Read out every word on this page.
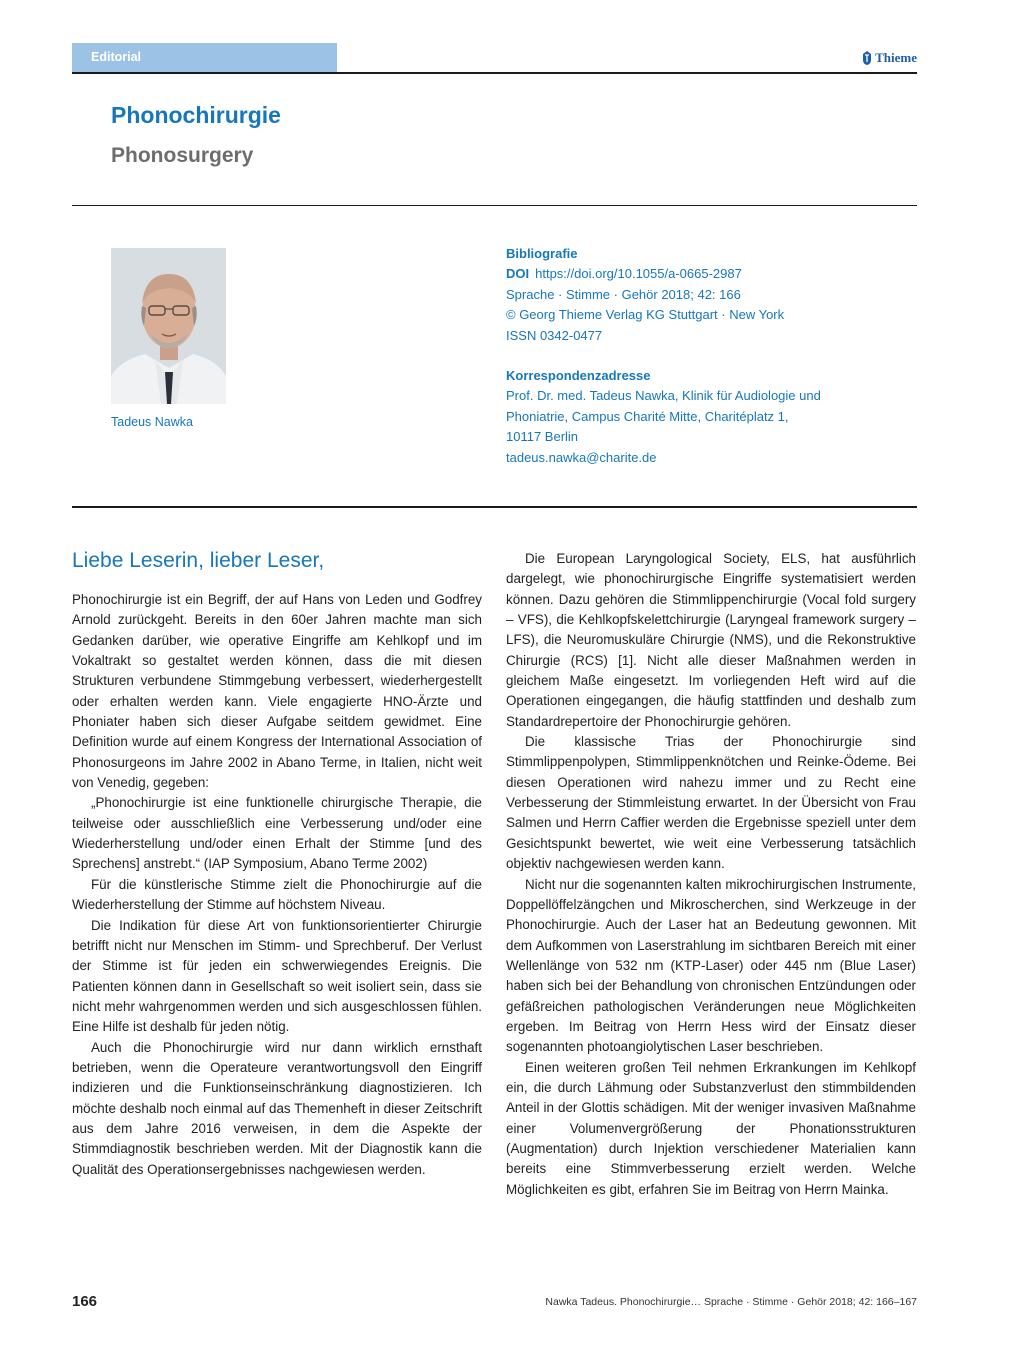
Editorial	Thieme
Phonochirurgie
Phonosurgery
Tadeus Nawka
Bibliografie
DOI https://doi.org/10.1055/a-0665-2987
Sprache · Stimme · Gehör 2018; 42: 166
© Georg Thieme Verlag KG Stuttgart · New York
ISSN 0342-0477
Korrespondenzadresse
Prof. Dr. med. Tadeus Nawka, Klinik für Audiologie und
Phoniatrie, Campus Charité Mitte, Charitéplatz 1,
10117 Berlin
tadeus.nawka@charite.de
Liebe Leserin, lieber Leser,

Phonochirurgie ist ein Begriff, der auf Hans von Leden und Godfrey Arnold zurückgeht. Bereits in den 60er Jahren machte man sich Gedanken darüber, wie operative Eingriffe am Kehlkopf und im Vokaltrakt so gestaltet werden können, dass die mit diesen Strukturen verbundene Stimmgebung verbessert, wiederhergestellt oder erhalten werden kann. Viele engagierte HNO-Ärzte und Phoniater haben sich dieser Aufgabe seitdem gewidmet. Eine Definition wurde auf einem Kongress der International Association of Phonosurgeons im Jahre 2002 in Abano Terme, in Italien, nicht weit von Venedig, gegeben:

„Phonochirurgie ist eine funktionelle chirurgische Therapie, die teilweise oder ausschließlich eine Verbesserung und/oder eine Wiederherstellung und/oder einen Erhalt der Stimme [und des Sprechens] anstrebt.“ (IAP Symposium, Abano Terme 2002)

Für die künstlerische Stimme zielt die Phonochirurgie auf die Wiederherstellung der Stimme auf höchstem Niveau.

Die Indikation für diese Art von funktionsorientierter Chirurgie betrifft nicht nur Menschen im Stimm- und Sprechberuf. Der Verlust der Stimme ist für jeden ein schwerwiegendes Ereignis. Die Patienten können dann in Gesellschaft so weit isoliert sein, dass sie nicht mehr wahrgenommen werden und sich ausgeschlossen fühlen. Eine Hilfe ist deshalb für jeden nötig.

Auch die Phonochirurgie wird nur dann wirklich ernsthaft betrieben, wenn die Operateure verantwortungsvoll den Eingriff indizieren und die Funktionseinschränkung diagnostizieren. Ich möchte deshalb noch einmal auf das Themenheft in dieser Zeitschrift aus dem Jahre 2016 verweisen, in dem die Aspekte der Stimmdiagnostik beschrieben werden. Mit der Diagnostik kann die Qualität des Operationsergebnisses nachgewiesen werden.

Die European Laryngological Society, ELS, hat ausführlich dargelegt, wie phonochirurgische Eingriffe systematisiert werden können. Dazu gehören die Stimmlippenchirurgie (Vocal fold surgery – VFS), die Kehlkopfskelettchirurgie (Laryngeal framework surgery – LFS), die Neuromuskuläre Chirurgie (NMS), und die Rekonstruktive Chirurgie (RCS) [1]. Nicht alle dieser Maßnahmen werden in gleichem Maße eingesetzt. Im vorliegenden Heft wird auf die Operationen eingegangen, die häufig stattfinden und deshalb zum Standardrepertoire der Phonochirurgie gehören.

Die klassische Trias der Phonochirurgie sind Stimmlippenpolypen, Stimmlippenknötchen und Reinke-Ödeme. Bei diesen Operationen wird nahezu immer und zu Recht eine Verbesserung der Stimmleistung erwartet. In der Übersicht von Frau Salmen und Herrn Caffier werden die Ergebnisse speziell unter dem Gesichtspunkt bewertet, wie weit eine Verbesserung tatsächlich objektiv nachgewiesen werden kann.

Nicht nur die sogenannten kalten mikrochirurgischen Instrumente, Doppellöffelzängchen und Mikroscherchen, sind Werkzeuge in der Phonochirurgie. Auch der Laser hat an Bedeutung gewonnen. Mit dem Aufkommen von Laserstrahlung im sichtbaren Bereich mit einer Wellenlänge von 532 nm (KTP-Laser) oder 445 nm (Blue Laser) haben sich bei der Behandlung von chronischen Entzündungen oder gefäßreichen pathologischen Veränderungen neue Möglichkeiten ergeben. Im Beitrag von Herrn Hess wird der Einsatz dieser sogenannten photoangiolytischen Laser beschrieben.

Einen weiteren großen Teil nehmen Erkrankungen im Kehlkopf ein, die durch Lähmung oder Substanzverlust den stimmbildenden Anteil in der Glottis schädigen. Mit der weniger invasiven Maßnahme einer Volumenvergrößerung der Phonationsstrukturen (Augmentation) durch Injektion verschiedener Materialien kann bereits eine Stimmverbesserung erzielt werden. Welche Möglichkeiten es gibt, erfahren Sie im Beitrag von Herrn Mainka.

166	Nawka Tadeus. Phonochirurgie… Sprache · Stimme · Gehör 2018; 42: 166–167
